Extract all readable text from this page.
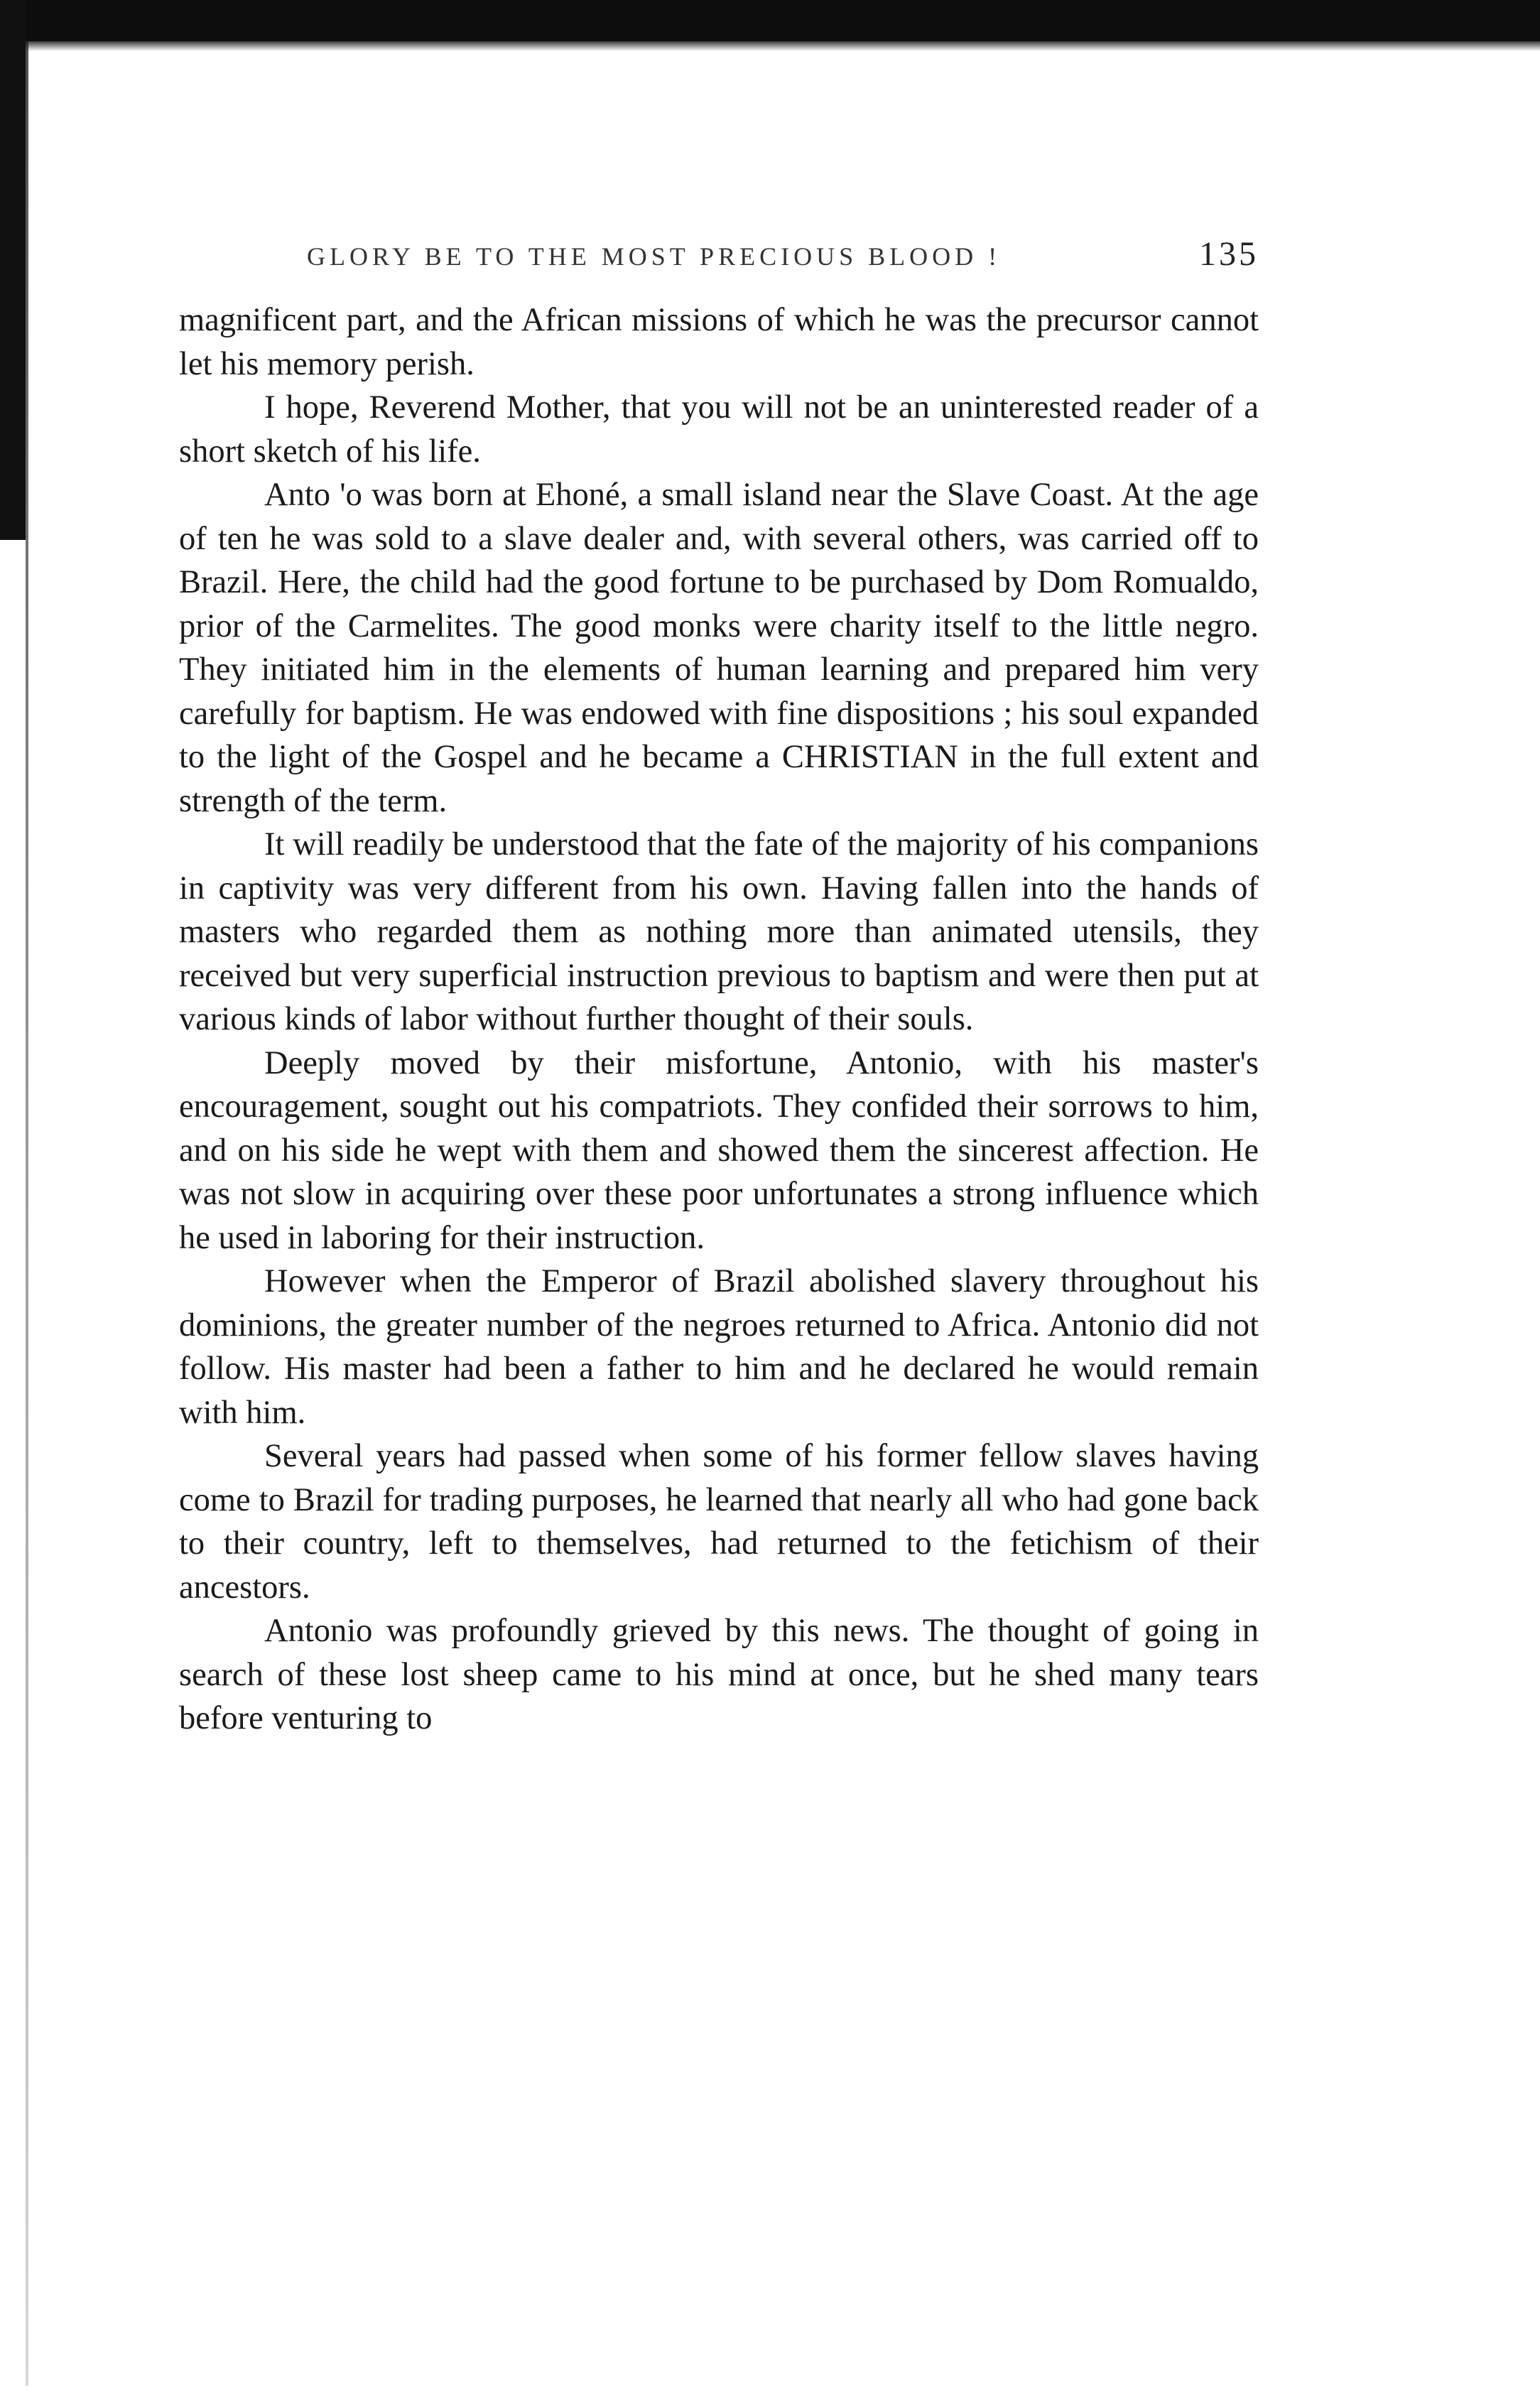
GLORY BE TO THE MOST PRECIOUS BLOOD !	135

magnificent part, and the African missions of which he was the precursor cannot let his memory perish.

I hope, Reverend Mother, that you will not be an uninterested reader of a short sketch of his life.

Anto 'o was born at Ehoné, a small island near the Slave Coast. At the age of ten he was sold to a slave dealer and, with several others, was carried off to Brazil. Here, the child had the good fortune to be purchased by Dom Romualdo, prior of the Carmelites. The good monks were charity itself to the little negro. They initiated him in the elements of human learning and prepared him very carefully for baptism. He was endowed with fine dispositions ; his soul expanded to the light of the Gospel and he became a CHRISTIAN in the full extent and strength of the term.

It will readily be understood that the fate of the majority of his companions in captivity was very different from his own. Having fallen into the hands of masters who regarded them as nothing more than animated utensils, they received but very superficial instruction previous to baptism and were then put at various kinds of labor without further thought of their souls.

Deeply moved by their misfortune, Antonio, with his master's encouragement, sought out his compatriots. They confided their sorrows to him, and on his side he wept with them and showed them the sincerest affection. He was not slow in acquiring over these poor unfortunates a strong influence which he used in laboring for their instruction.

However when the Emperor of Brazil abolished slavery throughout his dominions, the greater number of the negroes returned to Africa. Antonio did not follow. His master had been a father to him and he declared he would remain with him.

Several years had passed when some of his former fellow slaves having come to Brazil for trading purposes, he learned that nearly all who had gone back to their country, left to themselves, had returned to the fetichism of their ancestors.

Antonio was profoundly grieved by this news. The thought of going in search of these lost sheep came to his mind at once, but he shed many tears before venturing to
